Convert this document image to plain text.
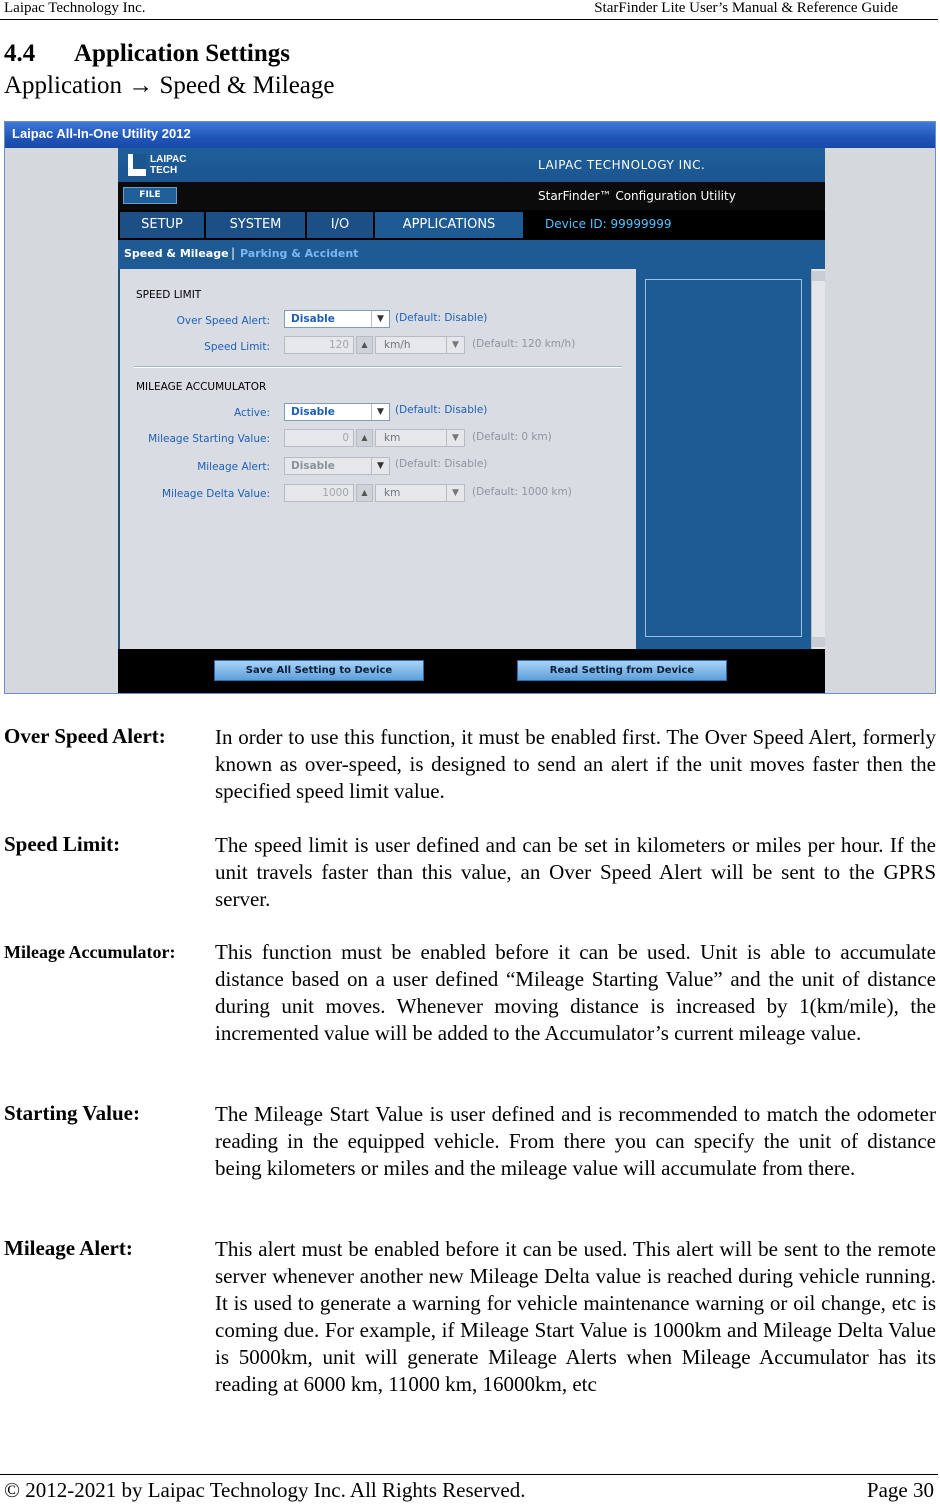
Laipac Technology Inc.	StarFinder Lite User’s Manual & Reference Guide
4.4 Application Settings
Application → Speed & Mileage
Laipac All-In-One Utility 2012
LAIPAC
TECH	LAIPAC TECHNOLOGY INC.
FILE	StarFinder™ Configuration Utility
SETUP	SYSTEM	I/O	APPLICATIONS	Device ID: 99999999
Speed & Mileage | Parking & Accident
SPEED LIMIT
Over Speed Alert: Disable	▼	(Default: Disable)
Speed Limit:	120	▲	km/h	▼	(Default: 120 km/h)
MILEAGE ACCUMULATOR
Active: Disable	▼	(Default: Disable)
Mileage Starting Value:	0	▲	km	▼	(Default: 0 km)
Mileage Alert: Disable	▼	(Default: Disable)
Mileage Delta Value:	1000	▲	km	▼	(Default: 1000 km)
Save All Setting to Device	Read Setting from Device
Over Speed Alert: In order to use this function, it must be enabled first. The Over Speed Alert, formerly known as over-speed, is designed to send an alert if the unit moves faster then the specified speed limit value.
Speed Limit:	The speed limit is user defined and can be set in kilometers or miles per hour. If the unit travels faster than this value, an Over Speed Alert will be sent to the GPRS server.
Mileage Accumulator: This function must be enabled before it can be used. Unit is able to accumulate distance based on a user defined “Mileage Starting Value” and the unit of distance during unit moves. Whenever moving distance is increased by 1(km/mile), the incremented value will be added to the Accumulator’s current mileage value.
Starting Value:	The Mileage Start Value is user defined and is recommended to match the odometer reading in the equipped vehicle. From there you can specify the unit of distance being kilometers or miles and the mileage value will accumulate from there.
Mileage Alert:	This alert must be enabled before it can be used. This alert will be sent to the remote server whenever another new Mileage Delta value is reached during vehicle running. It is used to generate a warning for vehicle maintenance warning or oil change, etc is coming due. For example, if Mileage Start Value is 1000km and Mileage Delta Value is 5000km, unit will generate Mileage Alerts when Mileage Accumulator has its reading at 6000 km, 11000 km, 16000km, etc
© 2012-2021 by Laipac Technology Inc. All Rights Reserved.	Page 30
